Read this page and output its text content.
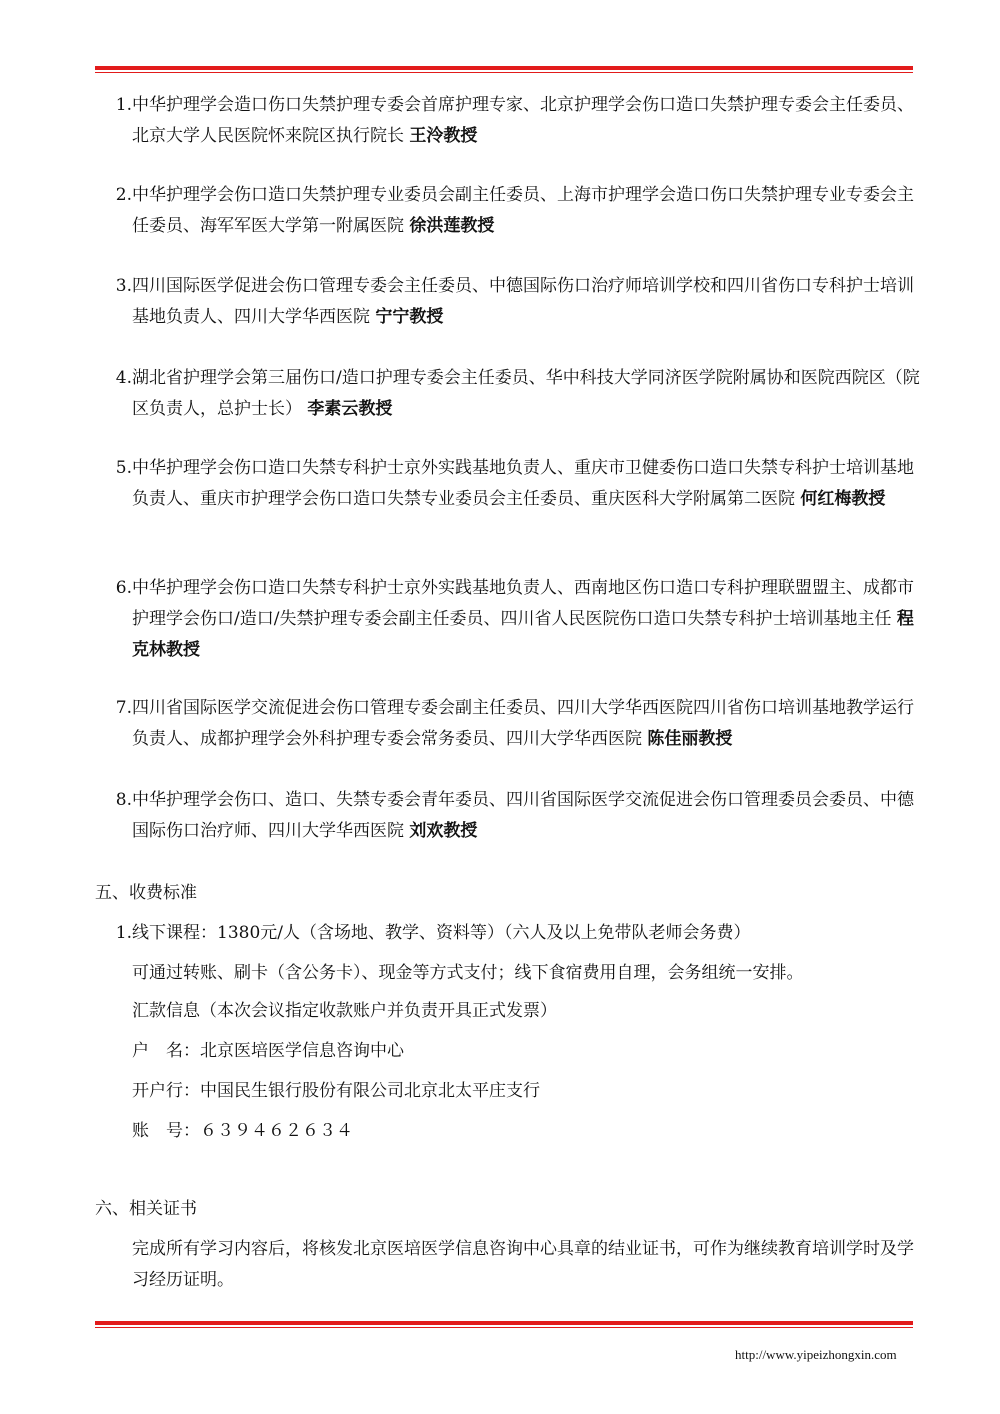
1. 中华护理学会造口伤口失禁护理专委会首席护理专家、北京护理学会伤口造口失禁护理专委会主任委员、北京大学人民医院怀来院区执行院长 王泠教授
2. 中华护理学会伤口造口失禁护理专业委员会副主任委员、上海市护理学会造口伤口失禁护理专业专委会主任委员、海军军医大学第一附属医院 徐洪莲教授
3. 四川国际医学促进会伤口管理专委会主任委员、中德国际伤口治疗师培训学校和四川省伤口专科护士培训基地负责人、四川大学华西医院 宁宁教授
4. 湖北省护理学会第三届伤口/造口护理专委会主任委员、华中科技大学同济医学院附属协和医院西院区（院区负责人，总护士长） 李素云教授
5. 中华护理学会伤口造口失禁专科护士京外实践基地负责人、重庆市卫健委伤口造口失禁专科护士培训基地负责人、重庆市护理学会伤口造口失禁专业委员会主任委员、重庆医科大学附属第二医院 何红梅教授
6. 中华护理学会伤口造口失禁专科护士京外实践基地负责人、西南地区伤口造口专科护理联盟盟主、成都市护理学会伤口/造口/失禁护理专委会副主任委员、四川省人民医院伤口造口失禁专科护士培训基地主任 程克林教授
7. 四川省国际医学交流促进会伤口管理专委会副主任委员、四川大学华西医院四川省伤口培训基地教学运行负责人、成都护理学会外科护理专委会常务委员、四川大学华西医院 陈佳丽教授
8. 中华护理学会伤口、造口、失禁专委会青年委员、四川省国际医学交流促进会伤口管理委员会委员、中德国际伤口治疗师、四川大学华西医院 刘欢教授
五、收费标准
1. 线下课程：1380元/人（含场地、教学、资料等）（六人及以上免带队老师会务费）
可通过转账、刷卡（含公务卡）、现金等方式支付；线下食宿费用自理，会务组统一安排。
汇款信息（本次会议指定收款账户并负责开具正式发票）
户　名：北京医培医学信息咨询中心
开户行：中国民生银行股份有限公司北京北太平庄支行
账　号：６３９４６２６３４
六、相关证书
完成所有学习内容后，将核发北京医培医学信息咨询中心具章的结业证书，可作为继续教育培训学时及学习经历证明。
http://www.yipeizhongxin.com
